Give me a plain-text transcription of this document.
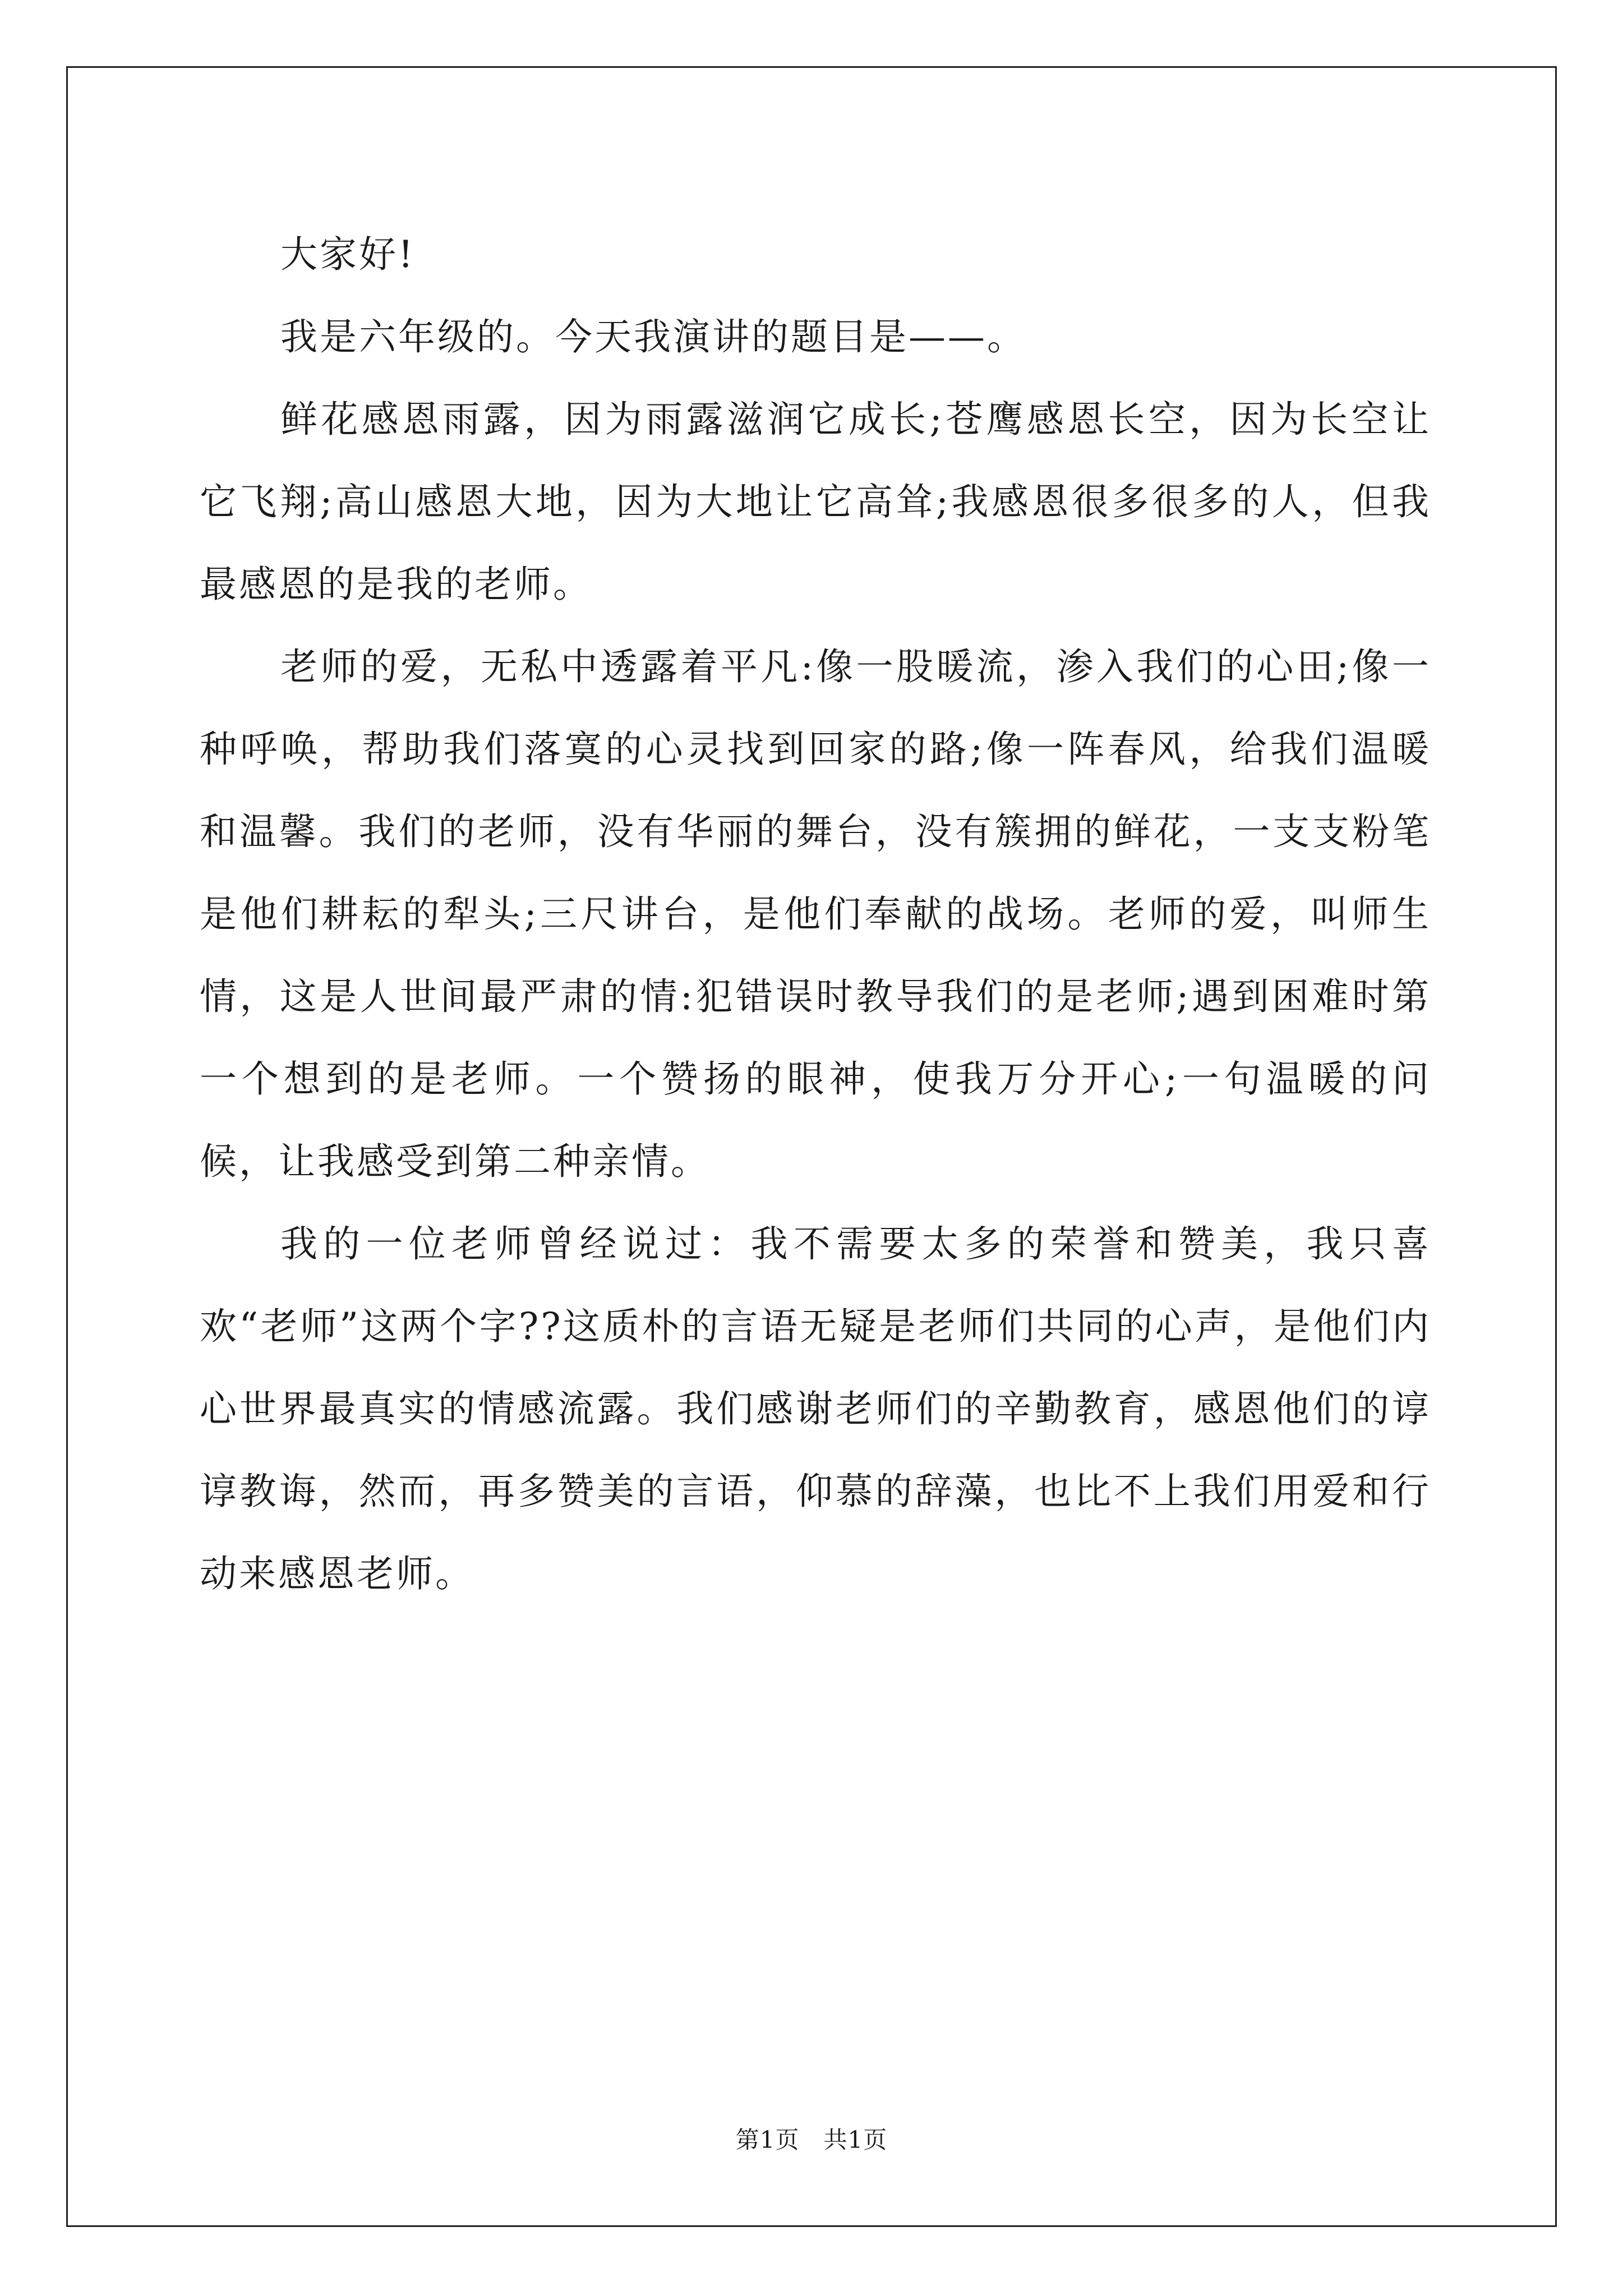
大家好!

我是六年级的。今天我演讲的题目是——。

鲜花感恩雨露，因为雨露滋润它成长;苍鹰感恩长空，因为长空让它飞翔;高山感恩大地，因为大地让它高耸;我感恩很多很多的人，但我最感恩的是我的老师。

老师的爱，无私中透露着平凡:像一股暖流，渗入我们的心田;像一种呼唤，帮助我们落寞的心灵找到回家的路;像一阵春风，给我们温暖和温馨。我们的老师，没有华丽的舞台，没有簇拥的鲜花，一支支粉笔是他们耕耘的犁头;三尺讲台，是他们奉献的战场。老师的爱，叫师生情，这是人世间最严肃的情:犯错误时教导我们的是老师;遇到困难时第一个想到的是老师。一个赞扬的眼神，使我万分开心;一句温暖的问候，让我感受到第二种亲情。

我的一位老师曾经说过：我不需要太多的荣誉和赞美，我只喜欢“老师”这两个字??这质朴的言语无疑是老师们共同的心声，是他们内心世界最真实的情感流露。我们感谢老师们的辛勤教育，感恩他们的谆谆教诲，然而，再多赞美的言语，仰慕的辞藻，也比不上我们用爱和行动来感恩老师。

第1页 共1页
